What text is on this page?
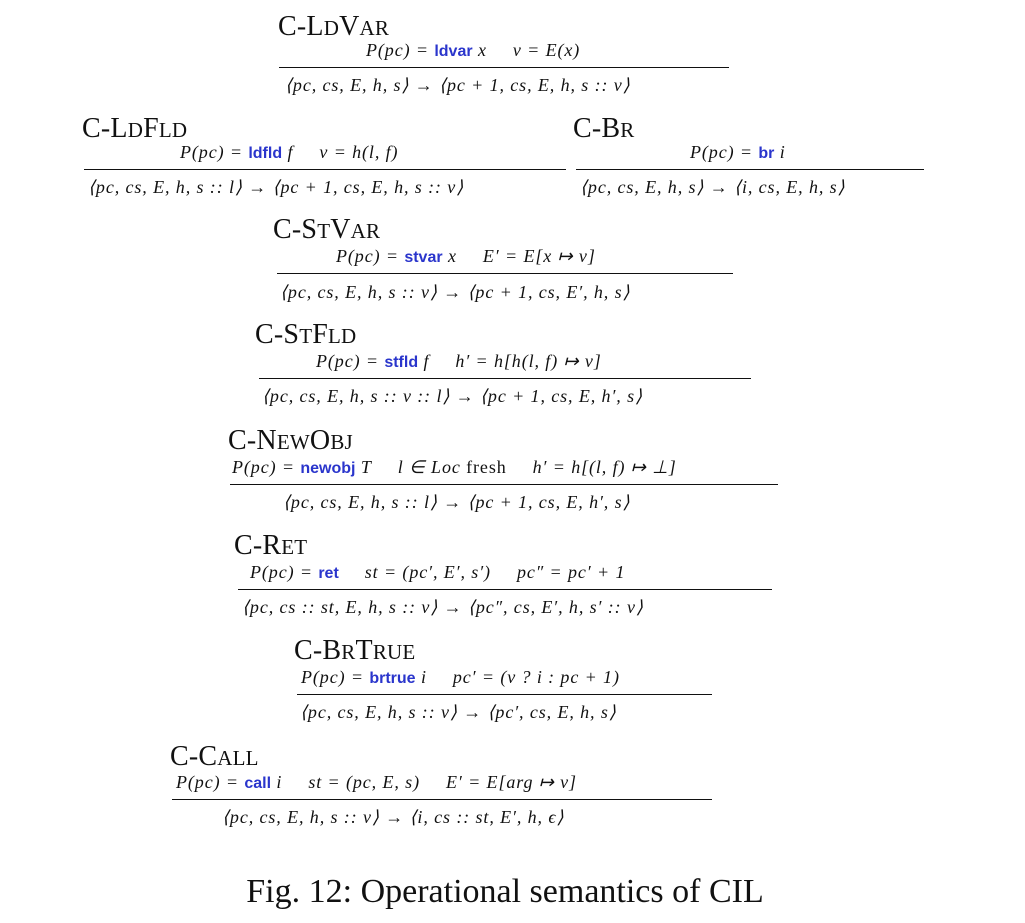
C-LDVAR
P(pc) = ldvar x v = E(x)
⟨pc, cs, E, h, s⟩ → ⟨pc + 1, cs, E, h, s :: v⟩
C-LDFLD
P(pc) = ldfld f v = h(l, f)
⟨pc, cs, E, h, s :: l⟩ → ⟨pc + 1, cs, E, h, s :: v⟩
C-BR
P(pc) = br i
⟨pc, cs, E, h, s⟩ → ⟨i, cs, E, h, s⟩
C-STVAR
P(pc) = stvar x E′ = E[x ↦ v]
⟨pc, cs, E, h, s :: v⟩ → ⟨pc + 1, cs, E′, h, s⟩
C-STFLD
P(pc) = stfld f h′ = h[h(l, f) ↦ v]
⟨pc, cs, E, h, s :: v :: l⟩ → ⟨pc + 1, cs, E, h′, s⟩
C-NEWOBJ
P(pc) = newobj T l ∈ Loc fresh h′ = h[(l, f) ↦ ⊥]
⟨pc, cs, E, h, s :: l⟩ → ⟨pc + 1, cs, E, h′, s⟩
C-RET
P(pc) = ret st = (pc′, E′, s′) pc″ = pc′ + 1
⟨pc, cs :: st, E, h, s :: v⟩ → ⟨pc″, cs, E′, h, s′ :: v⟩
C-BRTRUE
P(pc) = brtrue i pc′ = (v ? i : pc + 1)
⟨pc, cs, E, h, s :: v⟩ → ⟨pc′, cs, E, h, s⟩
C-CALL
P(pc) = call i st = (pc, E, s) E′ = E[arg ↦ v]
⟨pc, cs, E, h, s :: v⟩ → ⟨i, cs :: st, E′, h, ϵ⟩
Fig. 12: Operational semantics of CIL
